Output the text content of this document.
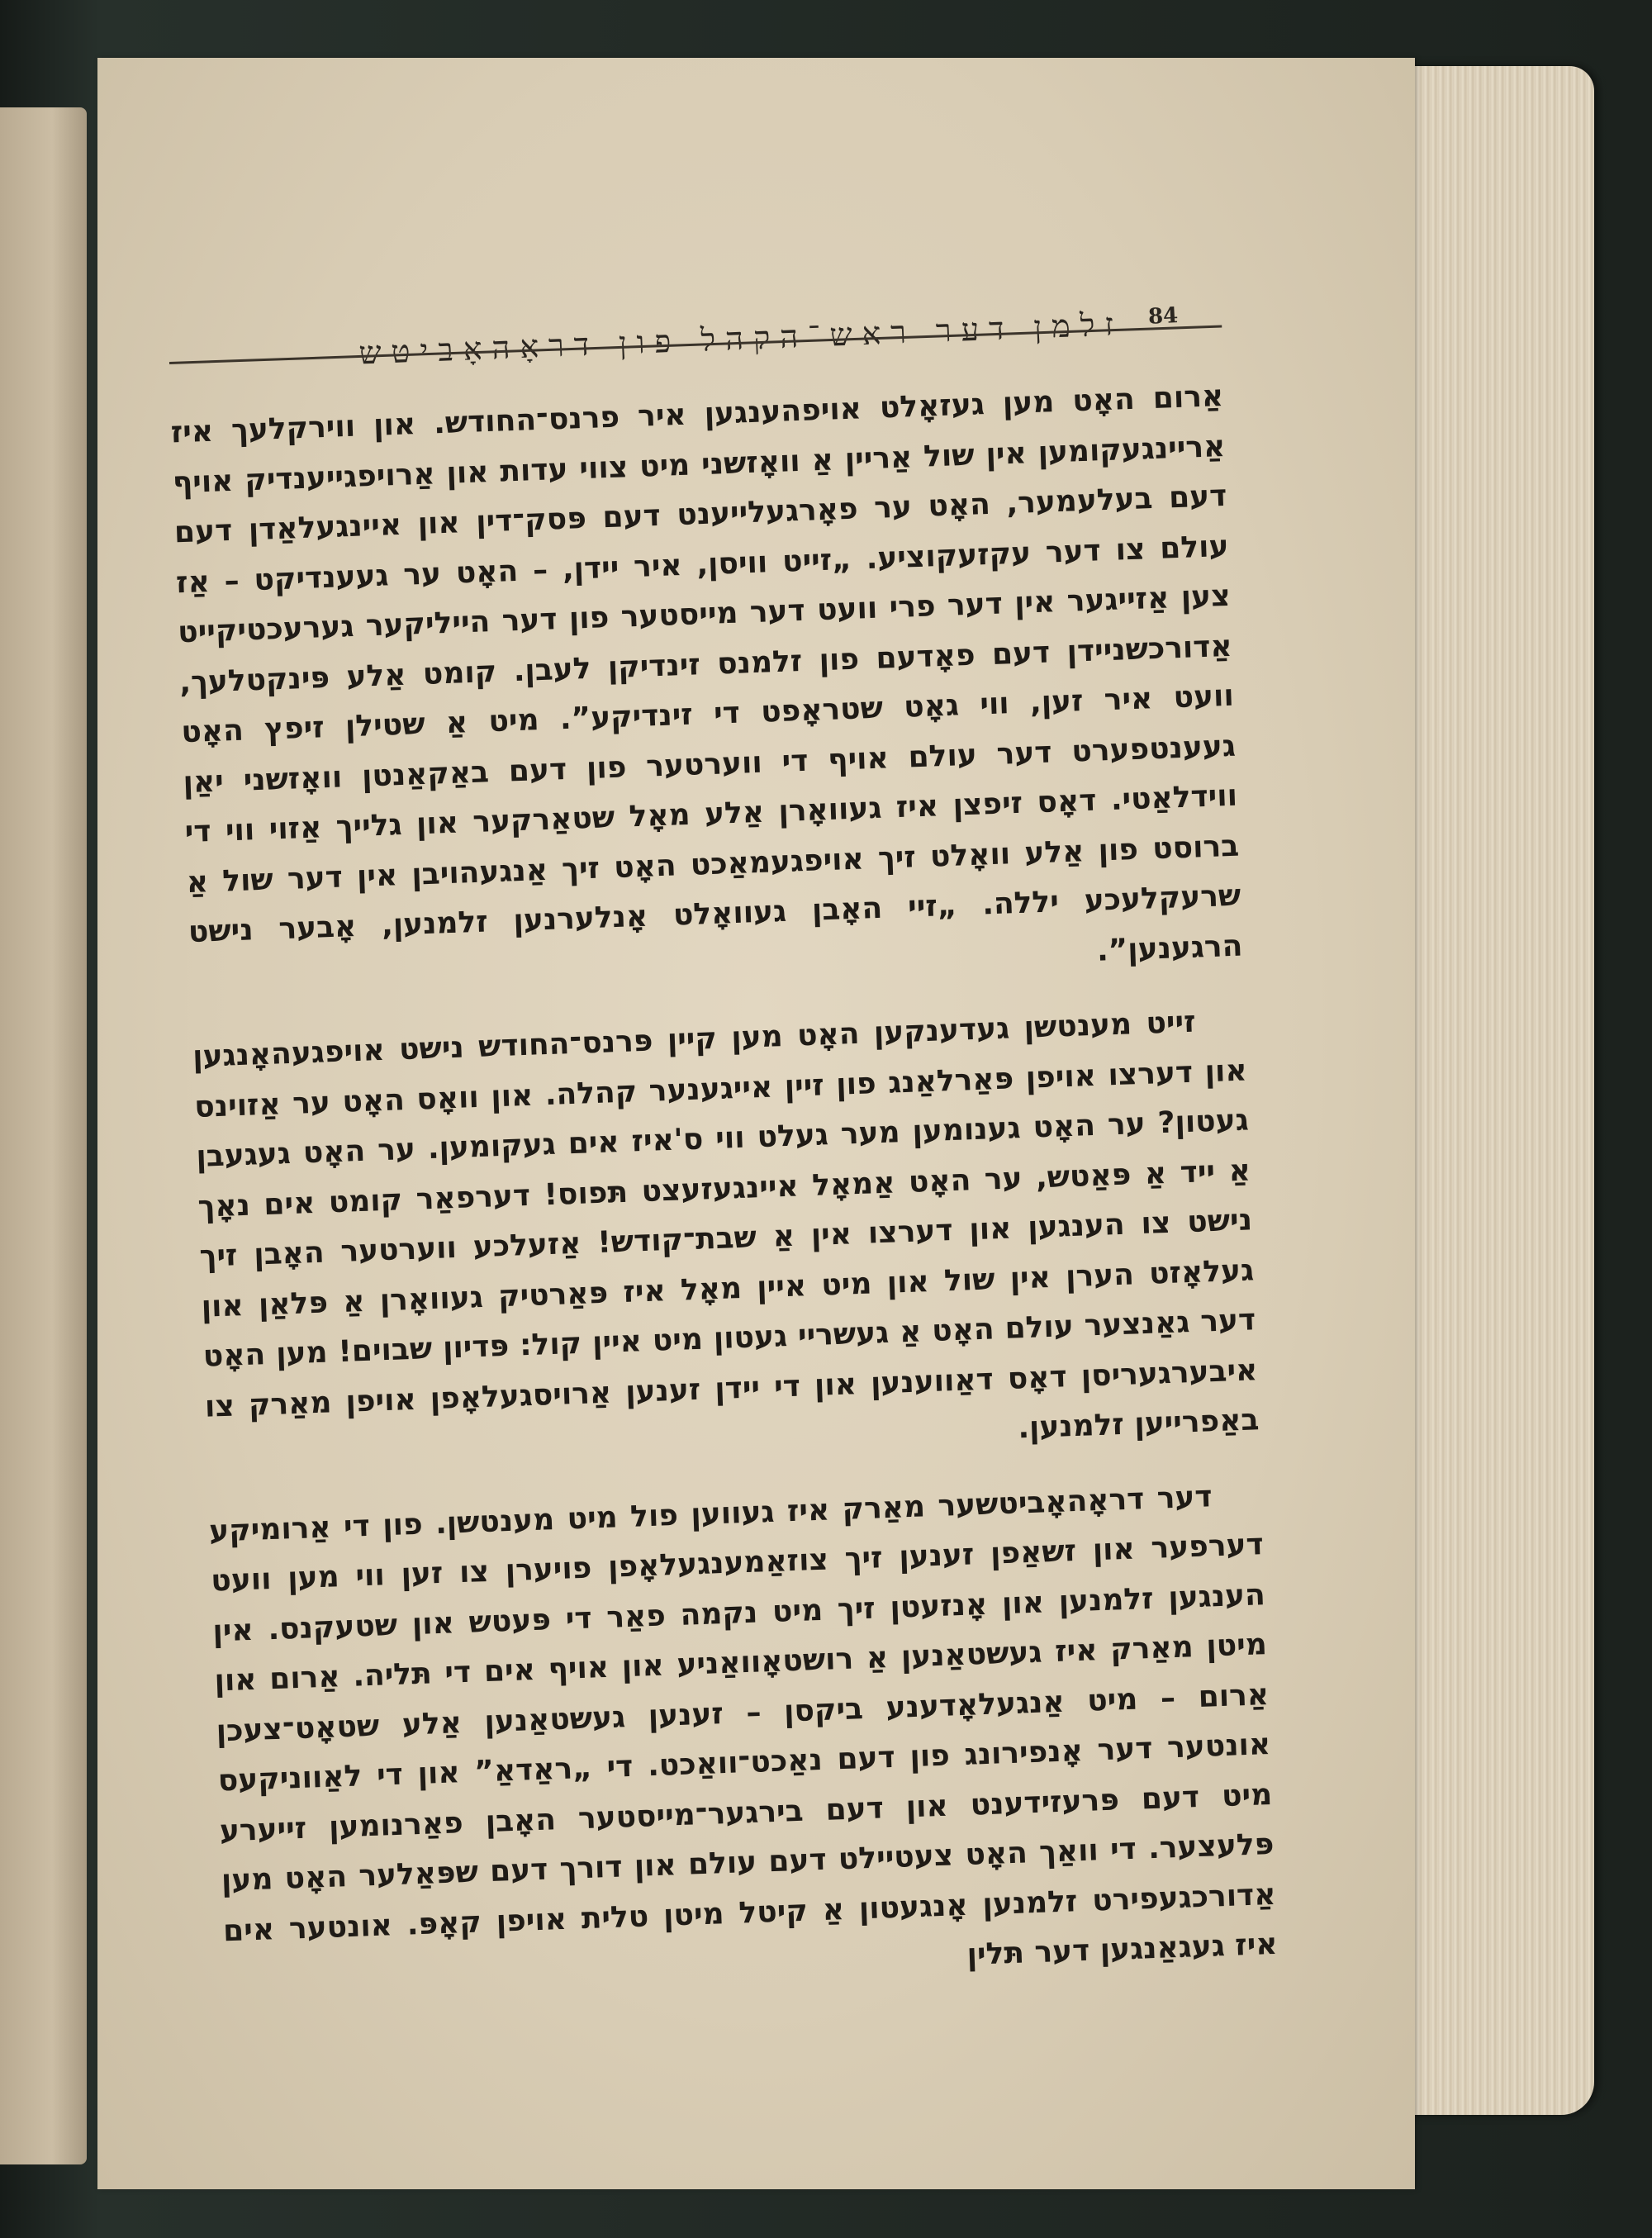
זלמן דער ראש־הקהל פון דראָהאָביטש 84

אַרום האָט מען געזאָלט אויפהענגען איר פרנס־החודש. און ווירקלעך איז אַריינגעקומען אין שול אַריין אַ וואָזשני מיט צווי עדות און אַרויפגייענדיק אויף דעם בעלעמער, האָט ער פאָרגעלייענט דעם פּסק־דין און איינגעלאַדן דעם עולם צו דער עקזעקוציע. „זייט וויסן, איר יידן, – האָט ער געענדיקט – אַז צען אַזייגער אין דער פרי וועט דער מייסטער פון דער הייליקער גערעכטיקייט אַדורכשניידן דעם פאָדעם פון זלמנס זינדיקן לעבן. קומט אַלע פּינקטלעך, וועט איר זען, ווי גאָט שטראָפט די זינדיקע”. מיט אַ שטילן זיפץ האָט געענטפערט דער עולם אויף די ווערטער פון דעם באַקאַנטן וואָזשני יאַן ווידלאַטי. דאָס זיפצן איז געוואָרן אַלע מאָל שטאַרקער און גלייך אַזוי ווי די ברוסט פון אַלע וואָלט זיך אויפגעמאַכט האָט זיך אַנגעהויבן אין דער שול אַ שרעקלעכע יללה. „זיי האָבן געוואָלט אָנלערנען זלמנען, אָבער נישט הרגענען”.

זייט מענטשן געדענקען האָט מען קיין פּרנס־החודש נישט אויפגעהאָנגען און דערצו אויפן פּאַרלאַנג פון זיין אייגענער קהלה. און וואָס האָט ער אַזוינס געטון? ער האָט גענומען מער געלט ווי ס'איז אים געקומען. ער האָט געגעבן אַ ייד אַ פּאַטש, ער האָט אַמאָל איינגעזעצט תּפוס! דערפאַר קומט אים נאָך נישט צו הענגען און דערצו אין אַ שבת־קודש! אַזעלכע ווערטער האָבן זיך געלאָזט הערן אין שול און מיט איין מאָל איז פּאַרטיק געוואָרן אַ פּלאַן און דער גאַנצער עולם האָט אַ געשריי געטון מיט איין קול: פּדיון שבוים! מען האָט איבערגעריסן דאָס דאַווענען און די יידן זענען אַרויסגעלאָפן אויפן מאַרק צו באַפרייען זלמנען.

דער דראָהאָביטשער מאַרק איז געווען פול מיט מענטשן. פון די אַרומיקע דערפער און זשאַפן זענען זיך צוזאַמענגעלאָפן פויערן צו זען ווי מען וועט הענגען זלמנען און אָנזעטן זיך מיט נקמה פאַר די פּעטש און שטעקנס. אין מיטן מאַרק איז געשטאַנען אַ רושטאָוואַניע און אויף אים די תּליה. אַרום און אַרום – מיט אַנגעלאָדענע ביקסן – זענען געשטאַנען אַלע שטאָט־צעכן אונטער דער אָנפירונג פון דעם נאַכט־וואַכט. די „ראַדאַ” און די לאַווניקעס מיט דעם פּרעזידענט און דעם בירגער־מייסטער האָבן פאַרנומען זייערע פּלעצער. די וואַך האָט צעטיילט דעם עולם און דורך דעם שפּאַלער האָט מען אַדורכגעפירט זלמנען אָנגעטון אַ קיטל מיטן טלית אויפן קאָפּ. אונטער אים איז געגאַנגען דער תּלין
